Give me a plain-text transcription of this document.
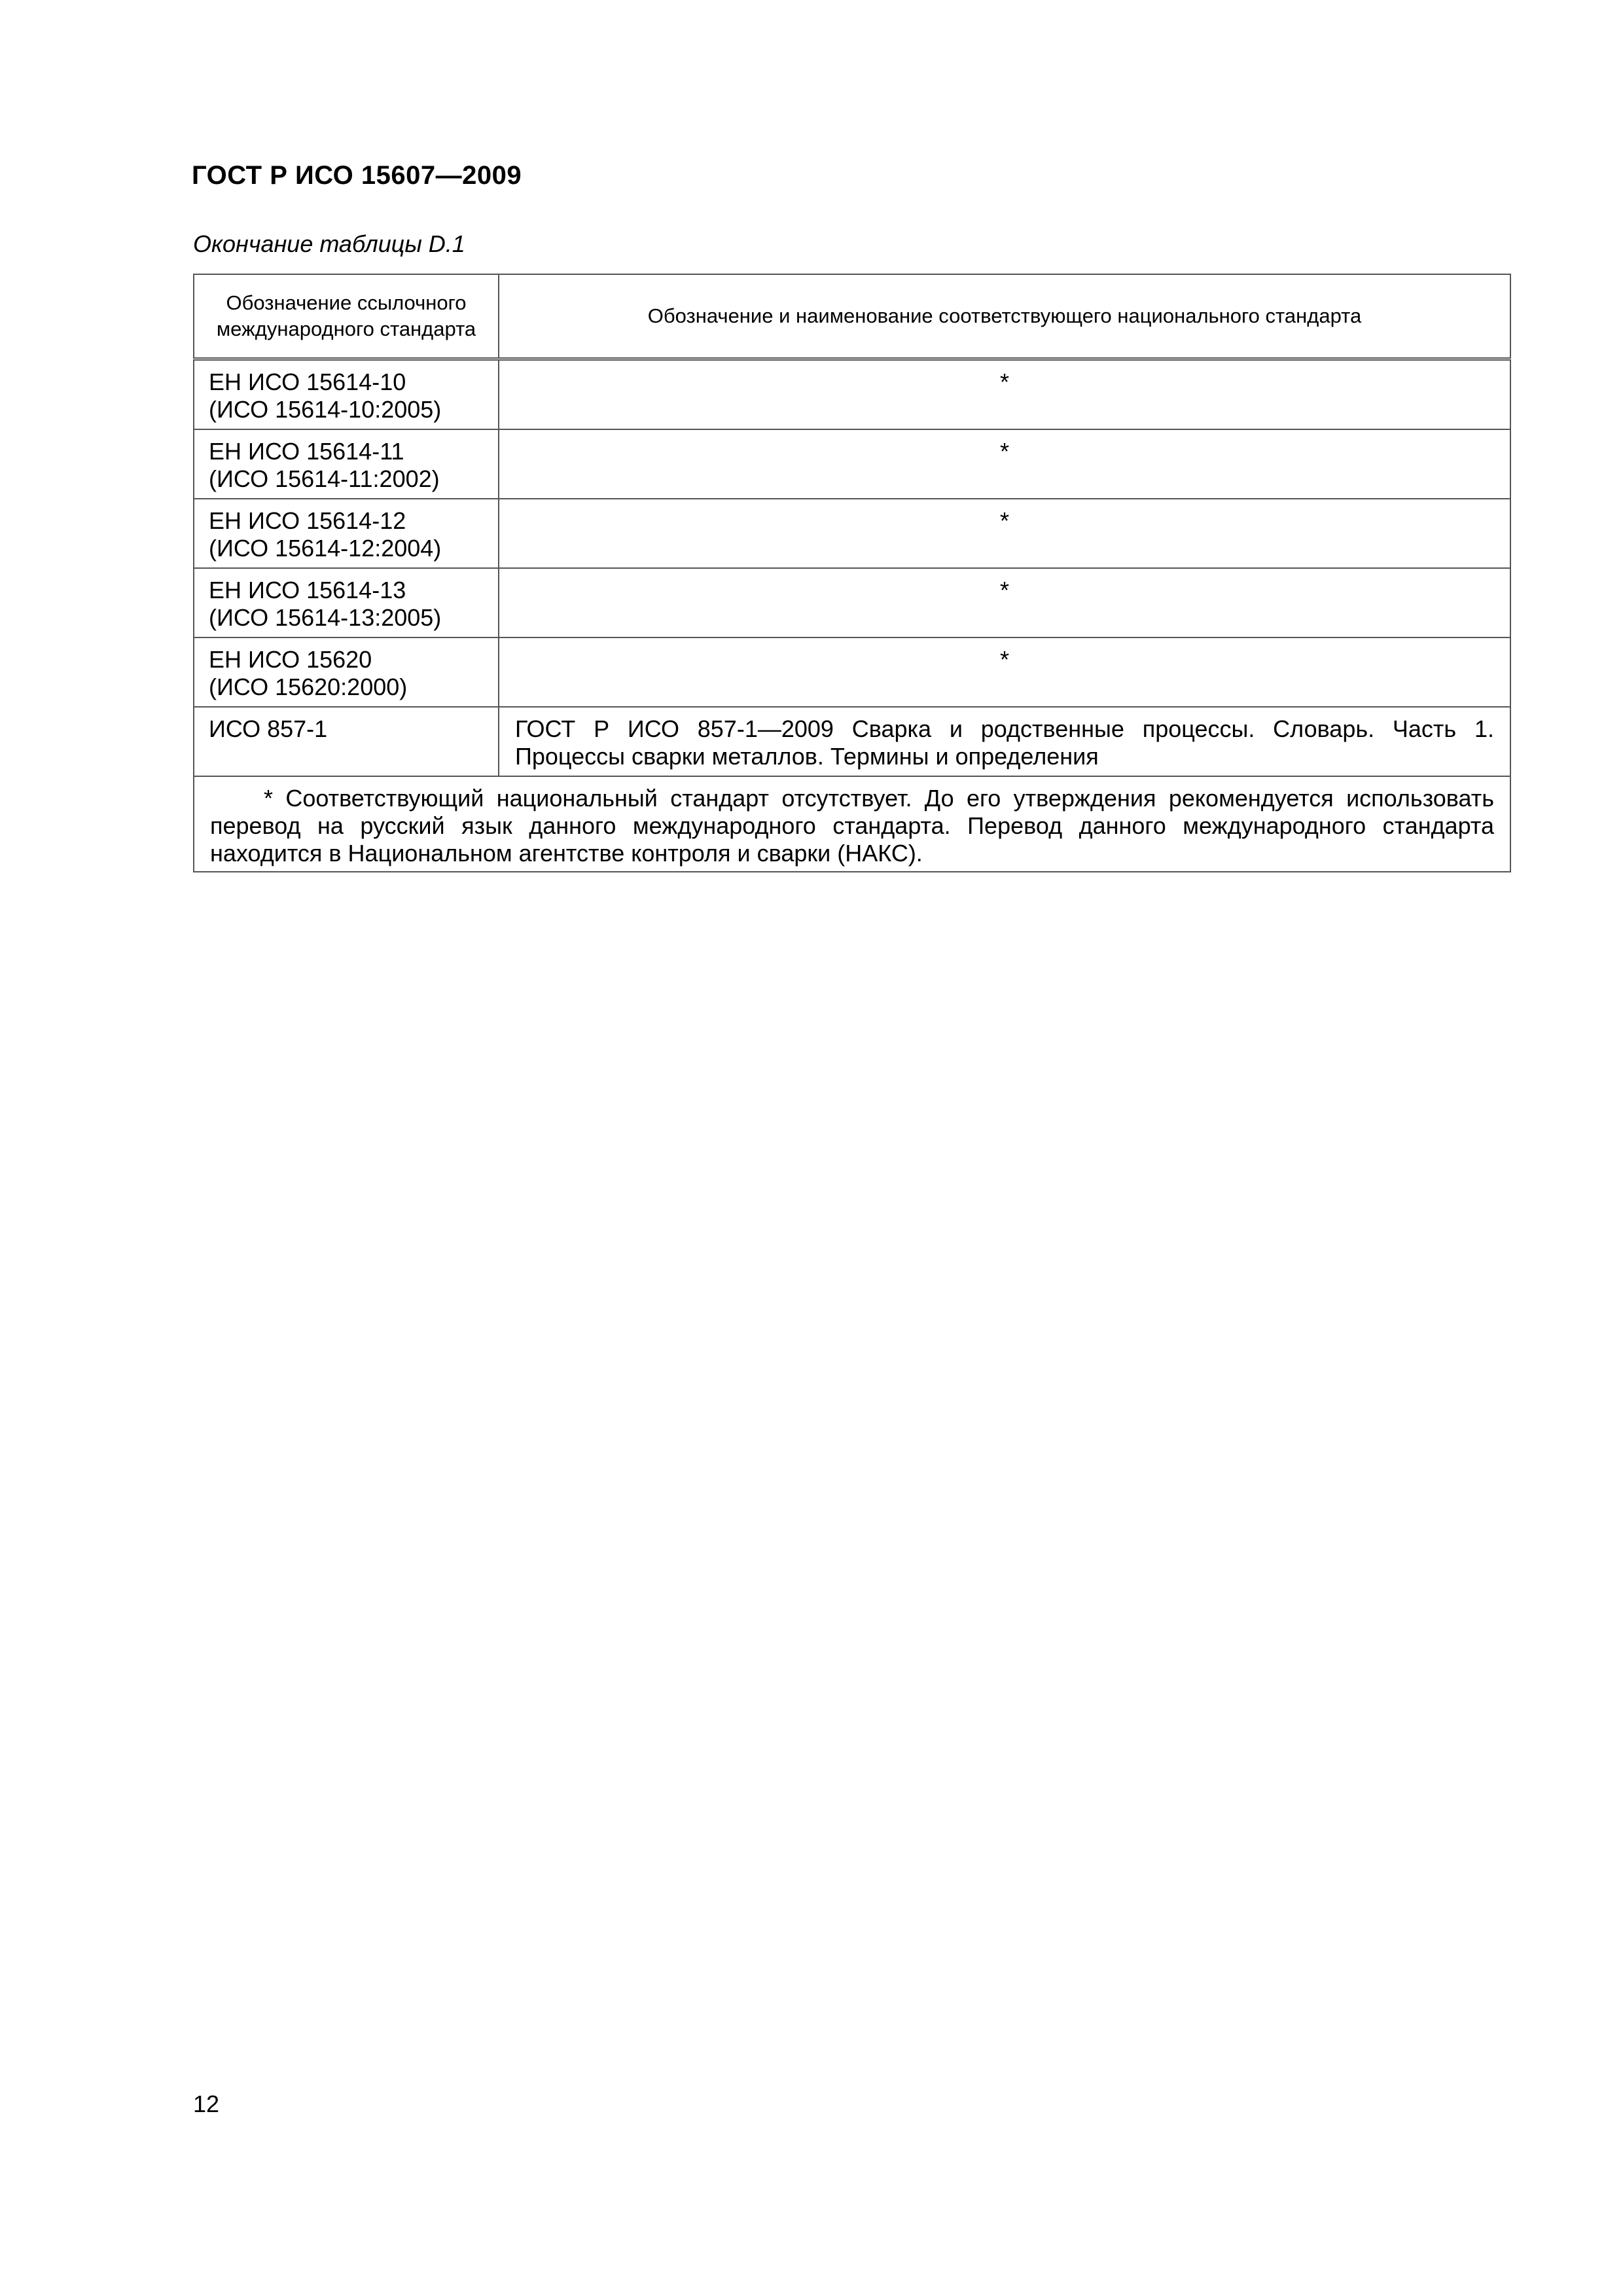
ГОСТ Р ИСО 15607—2009
Окончание таблицы D.1
Обозначение ссылочного
международного стандарта	Обозначение и наименование соответствующего национального стандарта

ЕН ИСО 15614-10
(ИСО 15614-10:2005)	*

ЕН ИСО 15614-11
(ИСО 15614-11:2002)	*

ЕН ИСО 15614-12
(ИСО 15614-12:2004)	*

ЕН ИСО 15614-13
(ИСО 15614-13:2005)	*

ЕН ИСО 15620
(ИСО 15620:2000)	*

ИСО 857-1	ГОСТ Р ИСО 857-1—2009 Сварка и родственные процессы. Словарь. Часть 1. Процессы сварки металлов. Термины и определения
* Соответствующий национальный стандарт отсутствует. До его утверждения рекомендуется использовать перевод на русский язык данного международного стандарта. Перевод данного международного стандарта находится в Национальном агентстве контроля и сварки (НАКС).	
12
